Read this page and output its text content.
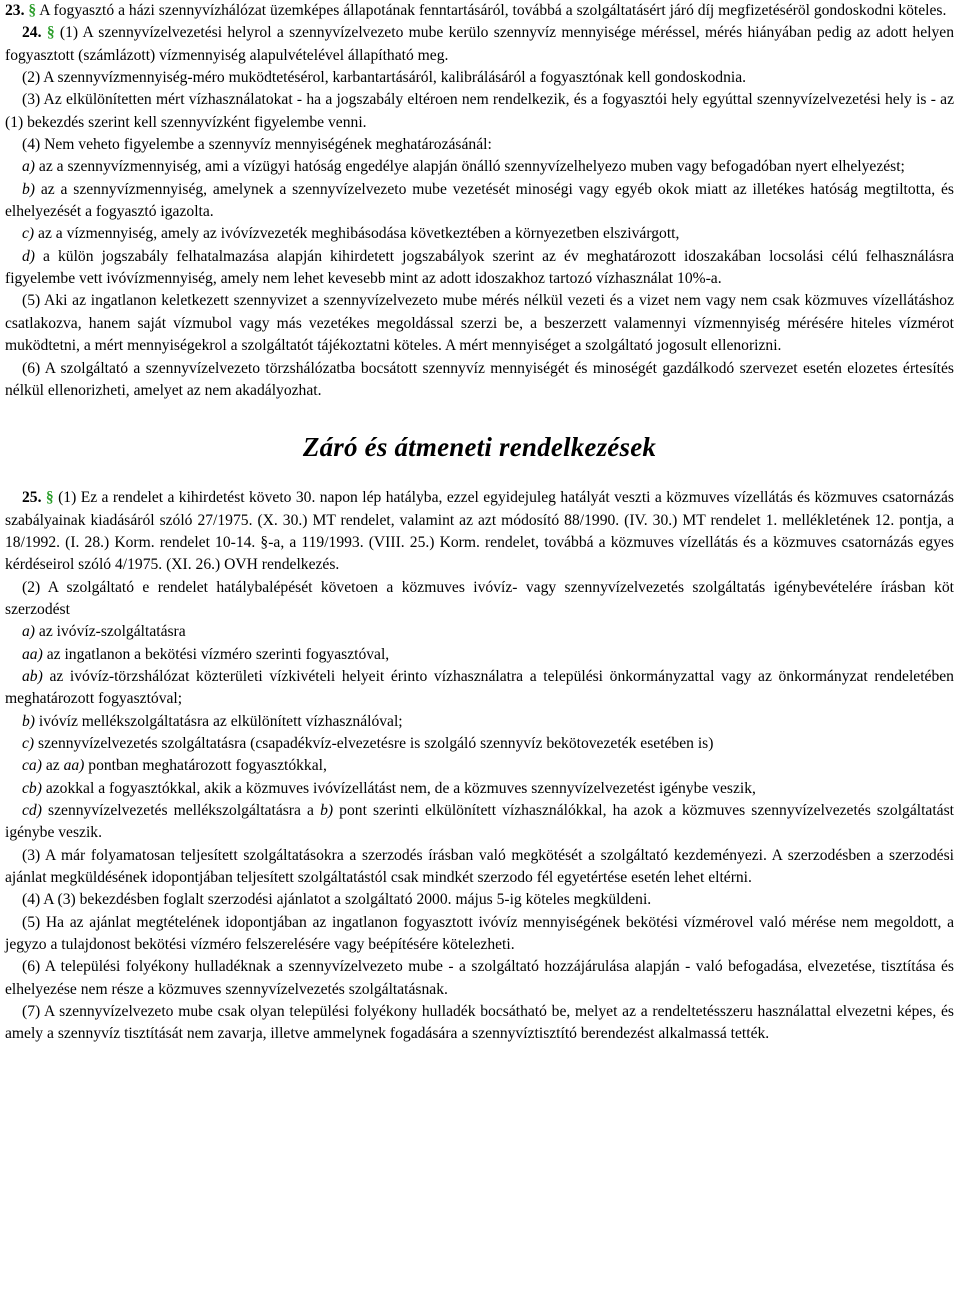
23. § A fogyasztó a házi szennyvízhálózat üzemképes állapotának fenntartásáról, továbbá a szolgáltatásért járó díj megfizetéséröl gondoskodni köteles.

24. § (1) A szennyvízelvezetési helyrol a szennyvízelvezeto mube kerülo szennyvíz mennyisége méréssel, mérés hiányában pedig az adott helyen fogyasztott (számlázott) vízmennyiség alapulvételével állapítható meg.

(2) A szennyvízmennyiség-méro muködtetésérol, karbantartásáról, kalibrálásáról a fogyasztónak kell gondoskodnia.

(3) Az elkülönítetten mért vízhasználatokat - ha a jogszabály eltéroen nem rendelkezik, és a fogyasztói hely egyúttal szennyvízelvezetési hely is - az (1) bekezdés szerint kell szennyvízként figyelembe venni.

(4) Nem veheto figyelembe a szennyvíz mennyiségének meghatározásánál:

a) az a szennyvízmennyiség, ami a vízügyi hatóság engedélye alapján önálló szennyvízelhelyezo muben vagy befogadóban nyert elhelyezést;

b) az a szennyvízmennyiség, amelynek a szennyvízelvezeto mube vezetését minoségi vagy egyéb okok miatt az illetékes hatóság megtiltotta, és elhelyezését a fogyasztó igazolta.

c) az a vízmennyiség, amely az ivóvízvezeték meghibásodása következtében a környezetben elszivárgott,

d) a külön jogszabály felhatalmazása alapján kihirdetett jogszabályok szerint az év meghatározott idoszakában locsolási célú felhasználásra figyelembe vett ivóvízmennyiség, amely nem lehet kevesebb mint az adott idoszakhoz tartozó vízhasználat 10%-a.

(5) Aki az ingatlanon keletkezett szennyvizet a szennyvízelvezeto mube mérés nélkül vezeti és a vizet nem vagy nem csak közmuves vízellátáshoz csatlakozva, hanem saját vízmubol vagy más vezetékes megoldással szerzi be, a beszerzett valamennyi vízmennyiség mérésére hiteles vízmérot muködtetni, a mért mennyiségekrol a szolgáltatót tájékoztatni köteles. A mért mennyiséget a szolgáltató jogosult ellenorizni.

(6) A szolgáltató a szennyvízelvezeto törzshálózatba bocsátott szennyvíz mennyiségét és minoségét gazdálkodó szervezet esetén elozetes értesítés nélkül ellenorizheti, amelyet az nem akadályozhat.

Záró és átmeneti rendelkezések

25. § (1) Ez a rendelet a kihirdetést követo 30. napon lép hatályba, ezzel egyidejuleg hatályát veszti a közmuves vízellátás és közmuves csatornázás szabályainak kiadásáról szóló 27/1975. (X. 30.) MT rendelet, valamint az azt módosító 88/1990. (IV. 30.) MT rendelet 1. mellékletének 12. pontja, a 18/1992. (I. 28.) Korm. rendelet 10-14. §-a, a 119/1993. (VIII. 25.) Korm. rendelet, továbbá a közmuves vízellátás és a közmuves csatornázás egyes kérdéseirol szóló 4/1975. (XI. 26.) OVH rendelkezés.

(2) A szolgáltató e rendelet hatálybalépését követoen a közmuves ivóvíz- vagy szennyvízelvezetés szolgáltatás igénybevételére írásban köt szerzodést

a) az ivóvíz-szolgáltatásra

aa) az ingatlanon a bekötési vízméro szerinti fogyasztóval,

ab) az ivóvíz-törzshálózat közterületi vízkivételi helyeit érinto vízhasználatra a települési önkormányzattal vagy az önkormányzat rendeletében meghatározott fogyasztóval;

b) ivóvíz mellékszolgáltatásra az elkülönített vízhasználóval;

c) szennyvízelvezetés szolgáltatásra (csapadékvíz-elvezetésre is szolgáló szennyvíz bekötovezeték esetében is)

ca) az aa) pontban meghatározott fogyasztókkal,

cb) azokkal a fogyasztókkal, akik a közmuves ivóvízellátást nem, de a közmuves szennyvízelvezetést igénybe veszik,

cd) szennyvízelvezetés mellékszolgáltatásra a b) pont szerinti elkülönített vízhasználókkal, ha azok a közmuves szennyvízelvezetés szolgáltatást igénybe veszik.

(3) A már folyamatosan teljesített szolgáltatásokra a szerzodés írásban való megkötését a szolgáltató kezdeményezi. A szerzodésben a szerzodési ajánlat megküldésének idopontjában teljesített szolgáltatástól csak mindkét szerzodo fél egyetértése esetén lehet eltérni.

(4) A (3) bekezdésben foglalt szerzodési ajánlatot a szolgáltató 2000. május 5-ig köteles megküldeni.

(5) Ha az ajánlat megtételének idopontjában az ingatlanon fogyasztott ivóvíz mennyiségének bekötési vízmérovel való mérése nem megoldott, a jegyzo a tulajdonost bekötési vízméro felszerelésére vagy beépítésére kötelezheti.

(6) A települési folyékony hulladéknak a szennyvízelvezeto mube - a szolgáltató hozzájárulása alapján - való befogadása, elvezetése, tisztítása és elhelyezése nem része a közmuves szennyvízelvezetés szolgáltatásnak.

(7) A szennyvízelvezeto mube csak olyan települési folyékony hulladék bocsátható be, melyet az a rendeltetésszeru használattal elvezetni képes, és amely a szennyvíz tisztítását nem zavarja, illetve ammelynek fogadására a szennyvíztisztító berendezést alkalmassá tették.
